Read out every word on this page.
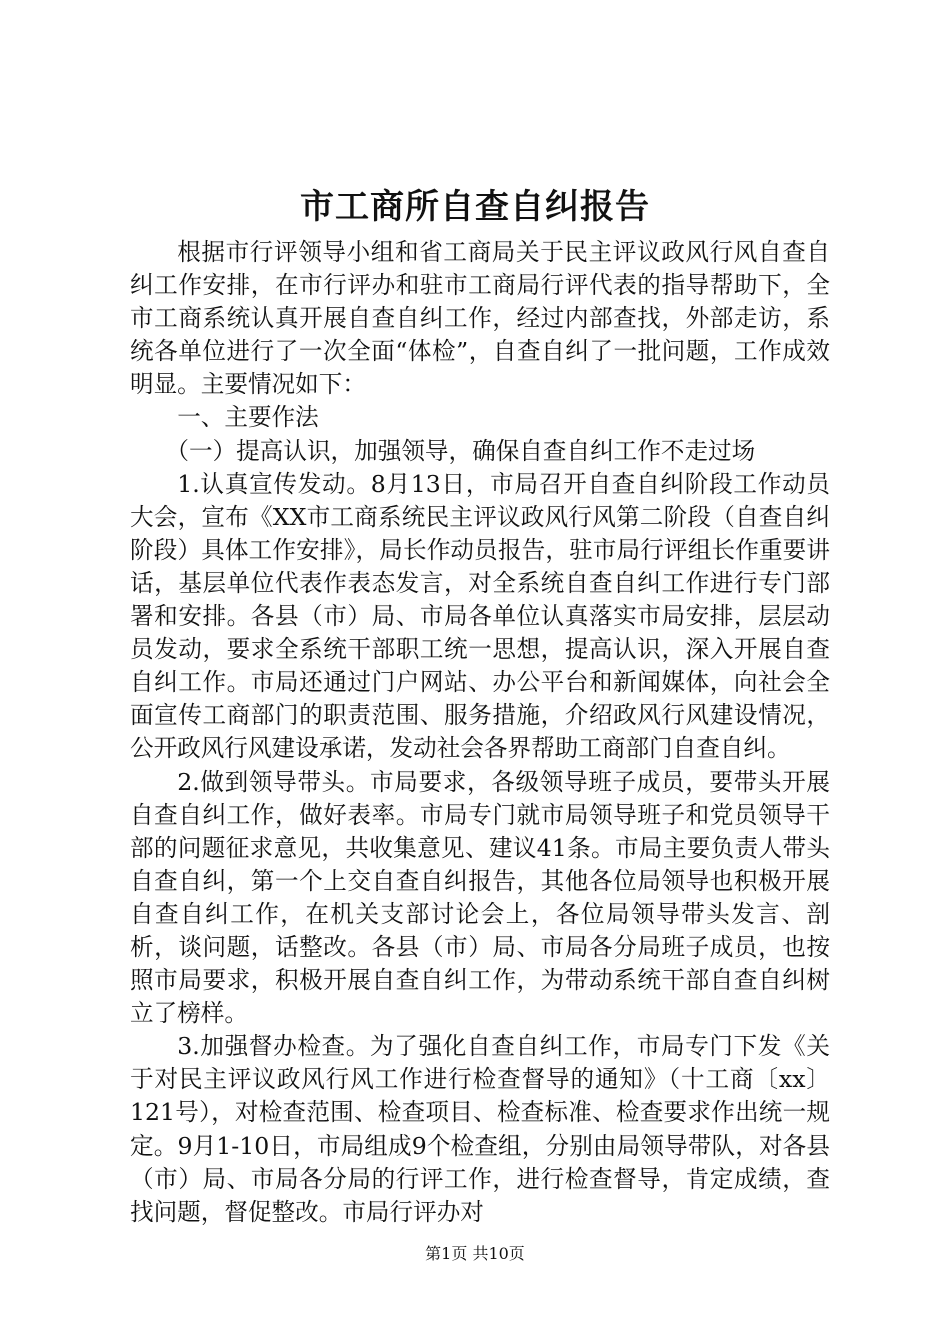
市工商所自查自纠报告

根据市行评领导小组和省工商局关于民主评议政风行风自查自纠工作安排，在市行评办和驻市工商局行评代表的指导帮助下，全市工商系统认真开展自查自纠工作，经过内部查找，外部走访，系统各单位进行了一次全面“体检”，自查自纠了一批问题，工作成效明显。主要情况如下：

一、主要作法

（一）提高认识，加强领导，确保自查自纠工作不走过场

1.认真宣传发动。8月13日，市局召开自查自纠阶段工作动员大会，宣布《XX市工商系统民主评议政风行风第二阶段（自查自纠阶段）具体工作安排》，局长作动员报告，驻市局行评组长作重要讲话，基层单位代表作表态发言，对全系统自查自纠工作进行专门部署和安排。各县（市）局、市局各单位认真落实市局安排，层层动员发动，要求全系统干部职工统一思想，提高认识，深入开展自查自纠工作。市局还通过门户网站、办公平台和新闻媒体，向社会全面宣传工商部门的职责范围、服务措施，介绍政风行风建设情况，公开政风行风建设承诺，发动社会各界帮助工商部门自查自纠。

2.做到领导带头。市局要求，各级领导班子成员，要带头开展自查自纠工作，做好表率。市局专门就市局领导班子和党员领导干部的问题征求意见，共收集意见、建议41条。市局主要负责人带头自查自纠，第一个上交自查自纠报告，其他各位局领导也积极开展自查自纠工作，在机关支部讨论会上，各位局领导带头发言、剖析，谈问题，话整改。各县（市）局、市局各分局班子成员，也按照市局要求，积极开展自查自纠工作，为带动系统干部自查自纠树立了榜样。

3.加强督办检查。为了强化自查自纠工作，市局专门下发《关于对民主评议政风行风工作进行检查督导的通知》（十工商〔xx〕121号），对检查范围、检查项目、检查标准、检查要求作出统一规定。9月1-10日，市局组成9个检查组，分别由局领导带队，对各县（市）局、市局各分局的行评工作，进行检查督导，肯定成绩，查找问题，督促整改。市局行评办对

第1页 共10页
